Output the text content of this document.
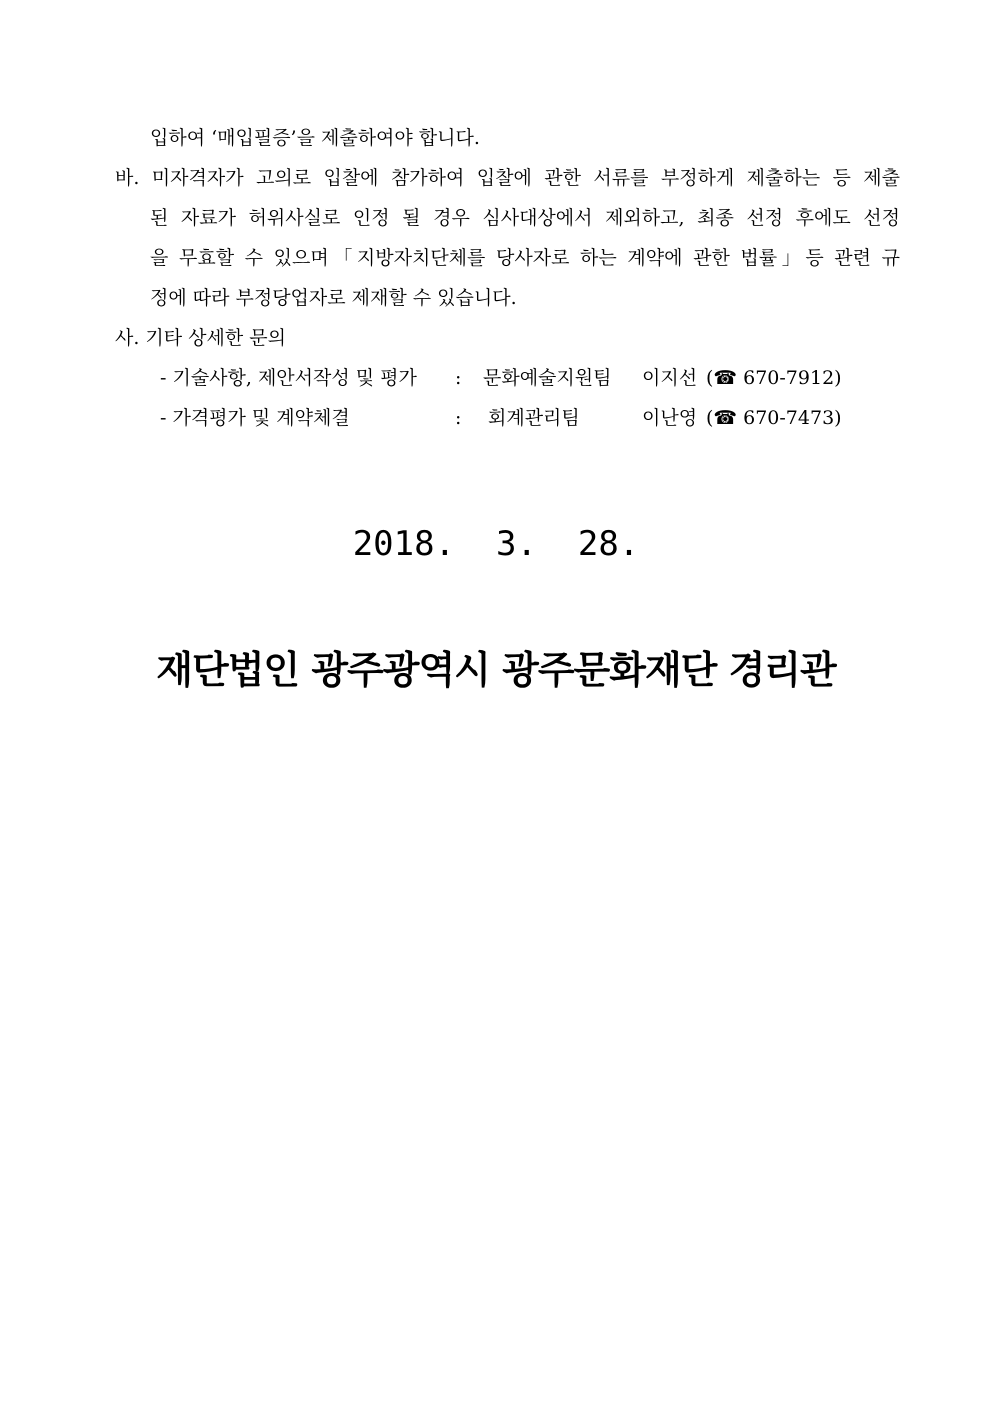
입하여 ‘매입필증’을 제출하여야 합니다.
바. 미자격자가 고의로 입찰에 참가하여 입찰에 관한 서류를 부정하게 제출하는 등 제출
된 자료가 허위사실로 인정 될 경우 심사대상에서 제외하고, 최종 선정 후에도 선정
을 무효할 수 있으며「지방자치단체를 당사자로 하는 계약에 관한 법률」등 관련 규
정에 따라 부정당업자로 제재할 수 있습니다.
사. 기타 상세한 문의
- 기술사항, 제안서작성 및 평가 : 문화예술지원팀 이지선 (☎ 670-7912)
- 가격평가 및 계약체결	: 회계관리팀	이난영 (☎ 670-7473)
2018.  3.  28.
재단법인 광주광역시 광주문화재단 경리관
